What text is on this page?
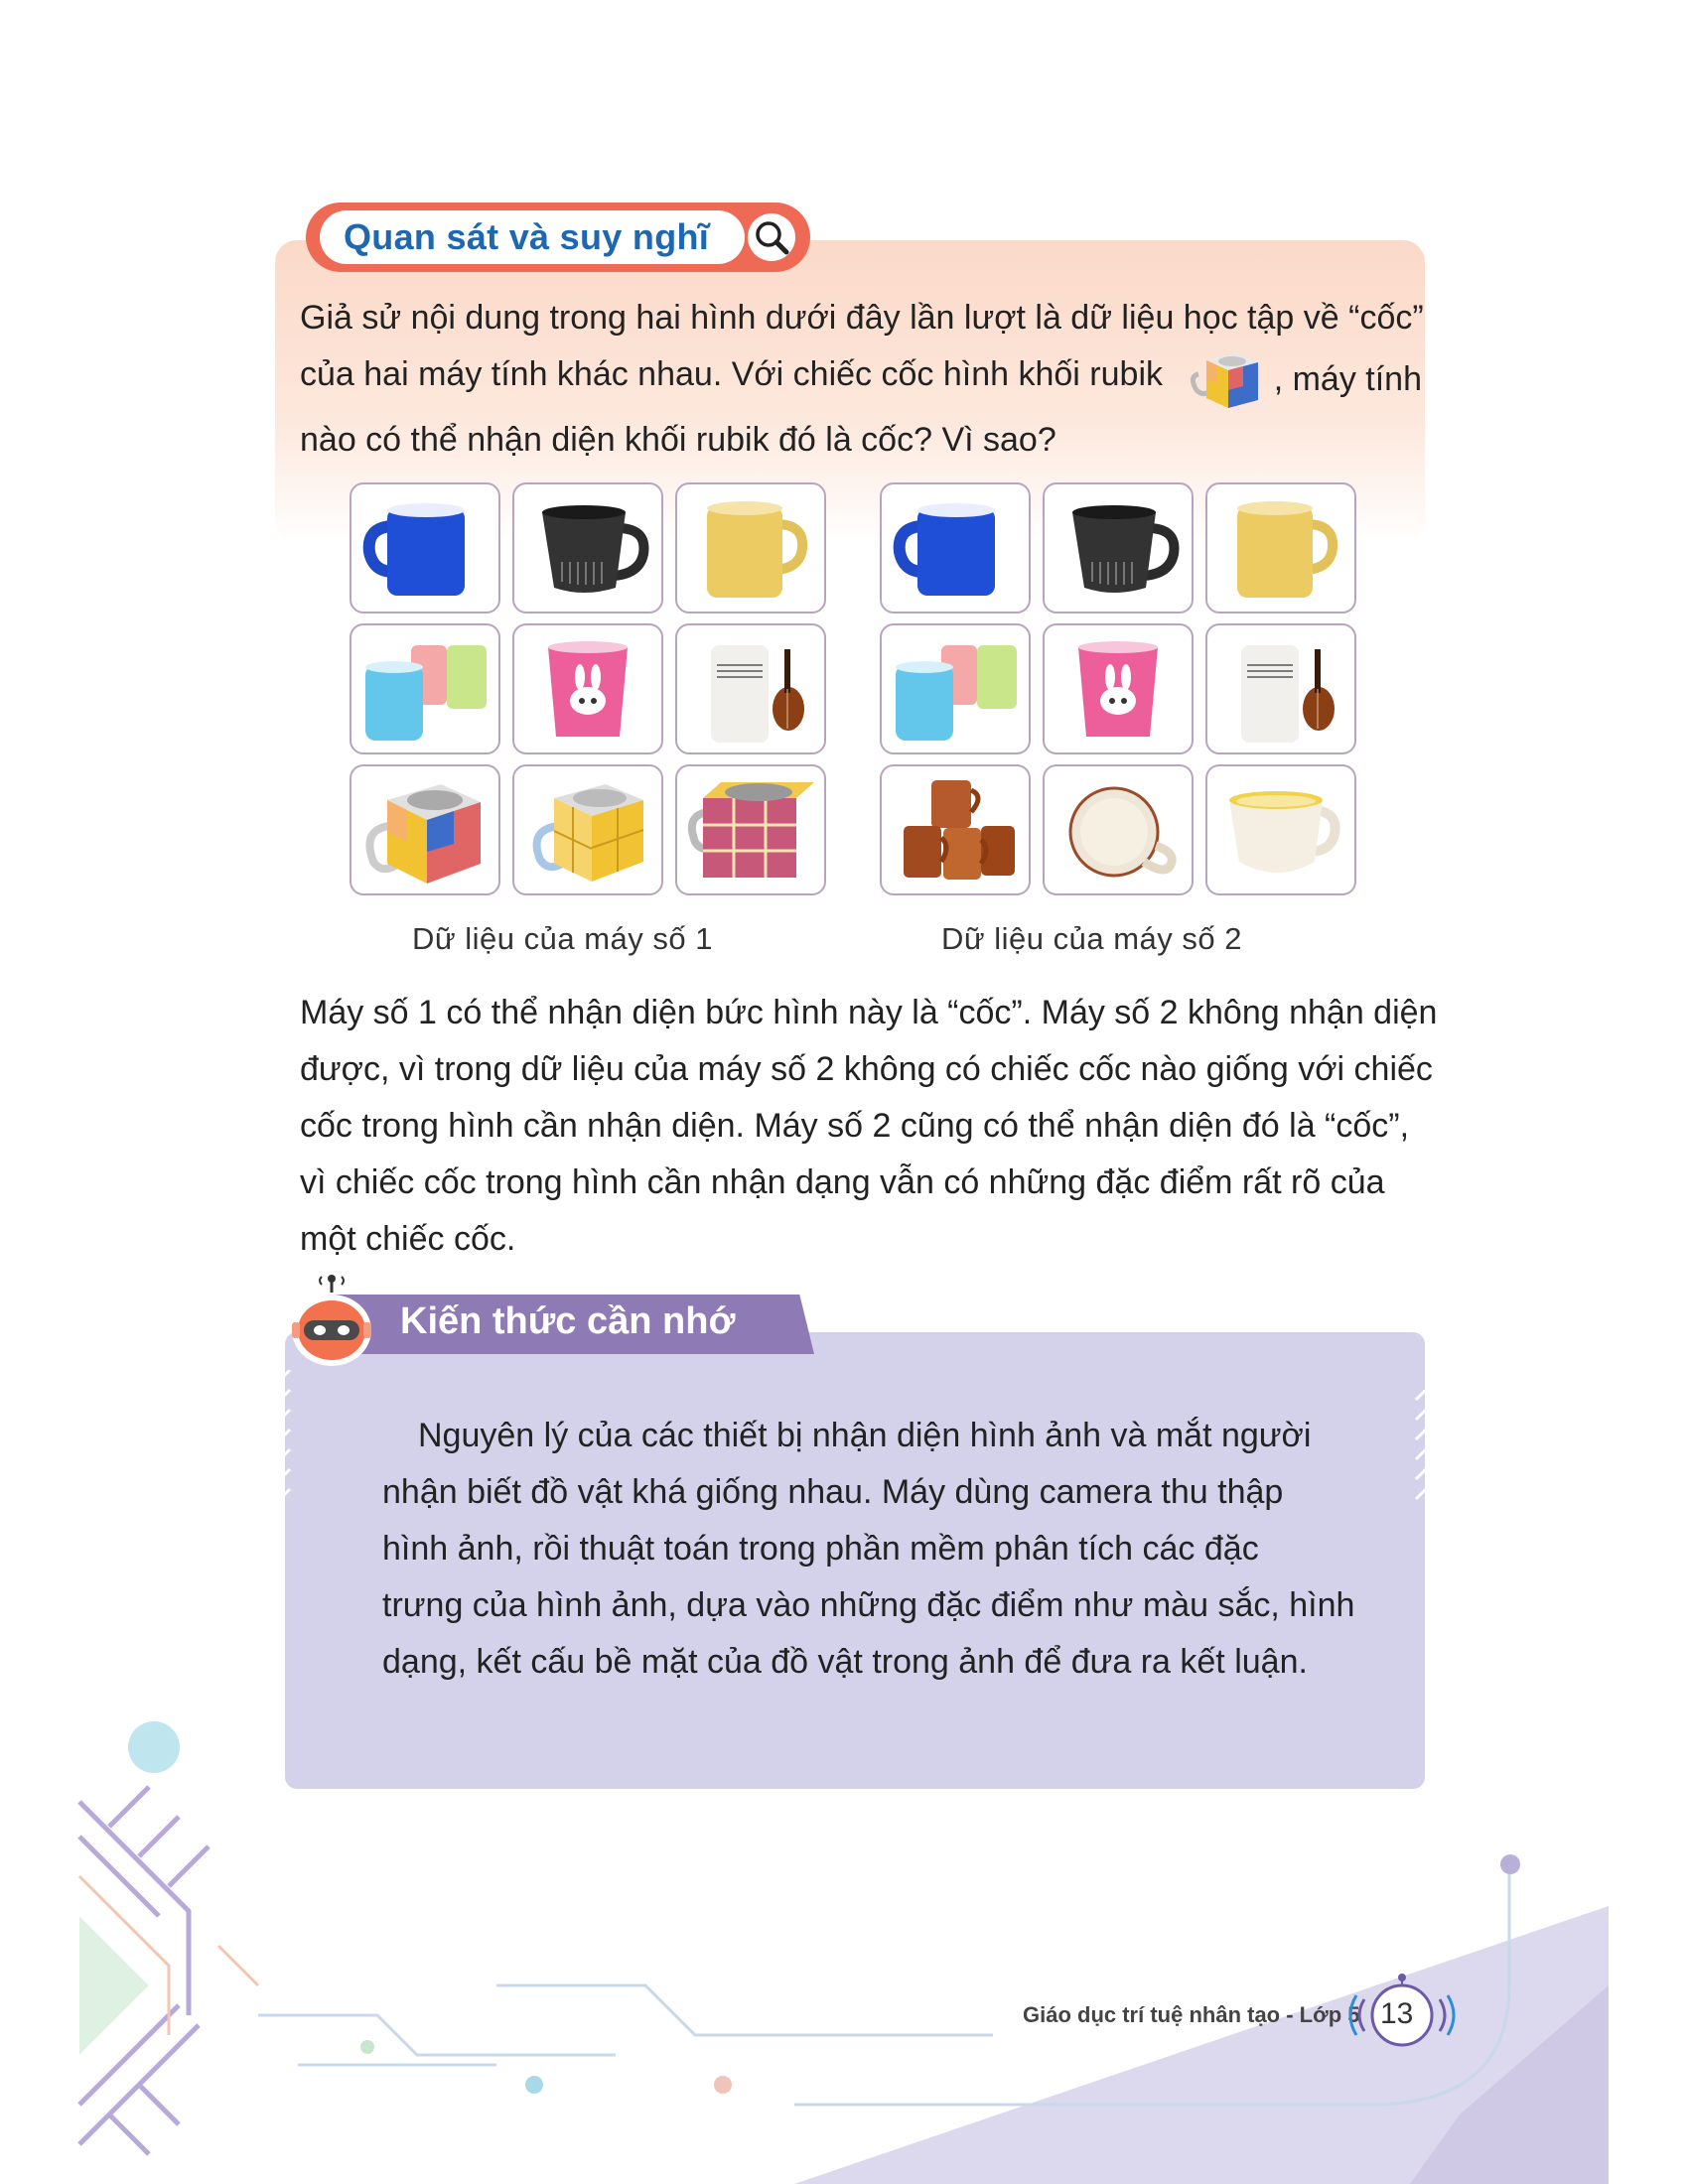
Quan sát và suy nghĩ
Giả sử nội dung trong hai hình dưới đây lần lượt là dữ liệu học tập về “cốc”
của hai máy tính khác nhau. Với chiếc cốc hình khối rubik	, máy tính
nào có thể nhận diện khối rubik đó là cốc? Vì sao?
Dữ liệu của máy số 1	Dữ liệu của máy số 2
Máy số 1 có thể nhận diện bức hình này là “cốc”. Máy số 2 không nhận diện
được, vì trong dữ liệu của máy số 2 không có chiếc cốc nào giống với chiếc
cốc trong hình cần nhận diện. Máy số 2 cũng có thể nhận diện đó là “cốc”,
vì chiếc cốc trong hình cần nhận dạng vẫn có những đặc điểm rất rõ của
một chiếc cốc.
Kiến thức cần nhớ
Nguyên lý của các thiết bị nhận diện hình ảnh và mắt người
nhận biết đồ vật khá giống nhau. Máy dùng camera thu thập
hình ảnh, rồi thuật toán trong phần mềm phân tích các đặc
trưng của hình ảnh, dựa vào những đặc điểm như màu sắc, hình
dạng, kết cấu bề mặt của đồ vật trong ảnh để đưa ra kết luận.
Giáo dục trí tuệ nhân tạo - Lớp 5 13
